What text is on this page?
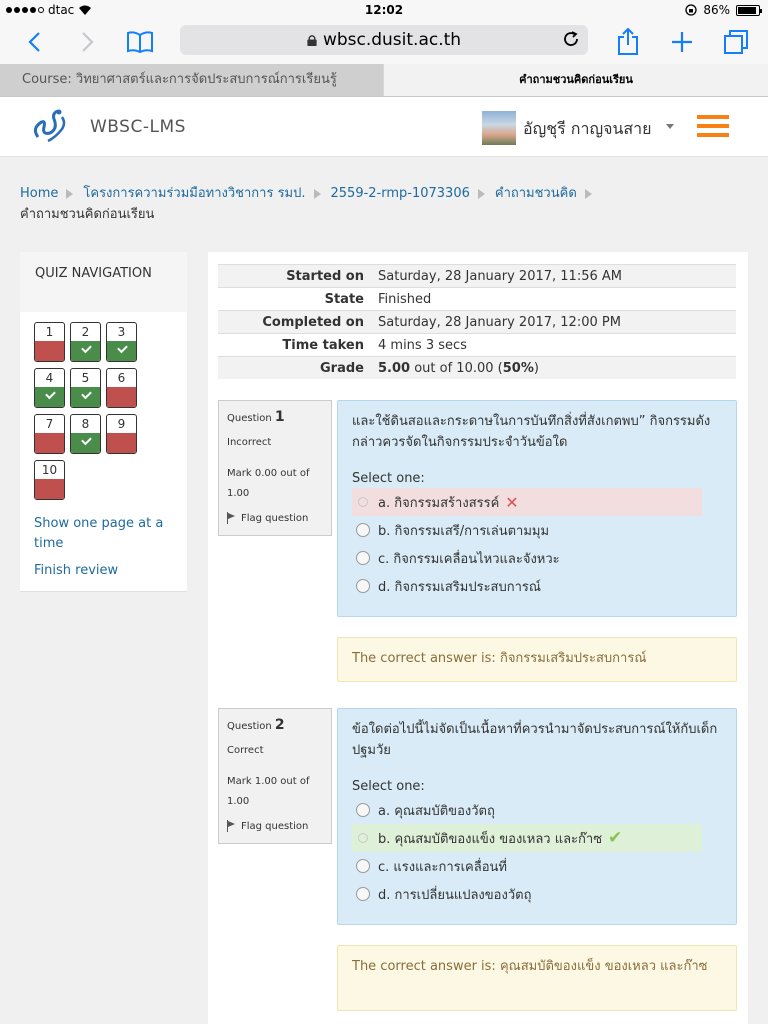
dtac	12:02	86%
wbsc.dusit.ac.th
Course: วิทยาศาสตร์และการจัดประสบการณ์การเรียนรู้	คำถามชวนคิดก่อนเรียน
WBSC-LMS	อัญชุรี กาญจนสาย
Home โครงการความร่วมมือทางวิชาการ รมป. 2559-2-rmp-1073306 คำถามชวนคิด
คำถามชวนคิดก่อนเรียน
QUIZ NAVIGATION
1	2	3
4	5	6
7	8	9
10
Show one page at a time
Finish review
Started on	Saturday, 28 January 2017, 11:56 AM
State	Finished
Completed on	Saturday, 28 January 2017, 12:00 PM
Time taken	4 mins 3 secs
Grade	5.00 out of 10.00 (50%)
Question 1
Incorrect
Mark 0.00 out of 1.00
Flag question
และใช้ดินสอและกระดาษในการบันทึกสิ่งที่สังเกตพบ” กิจกรรมดังกล่าวควรจัดในกิจกรรมประจำวันข้อใด
Select one:
a. กิจกรรมสร้างสรรค์ ✕
b. กิจกรรมเสรี/การเล่นตามมุม
c. กิจกรรมเคลื่อนไหวและจังหวะ
d. กิจกรรมเสริมประสบการณ์
The correct answer is: กิจกรรมเสริมประสบการณ์
Question 2
Correct
Mark 1.00 out of 1.00
Flag question
ข้อใดต่อไปนี้ไม่จัดเป็นเนื้อหาที่ควรนำมาจัดประสบการณ์ให้กับเด็กปฐมวัย
Select one:
a. คุณสมบัติของวัตถุ
b. คุณสมบัติของแข็ง ของเหลว และก๊าซ ✔
c. แรงและการเคลื่อนที่
d. การเปลี่ยนแปลงของวัตถุ
The correct answer is: คุณสมบัติของแข็ง ของเหลว และก๊าซ
